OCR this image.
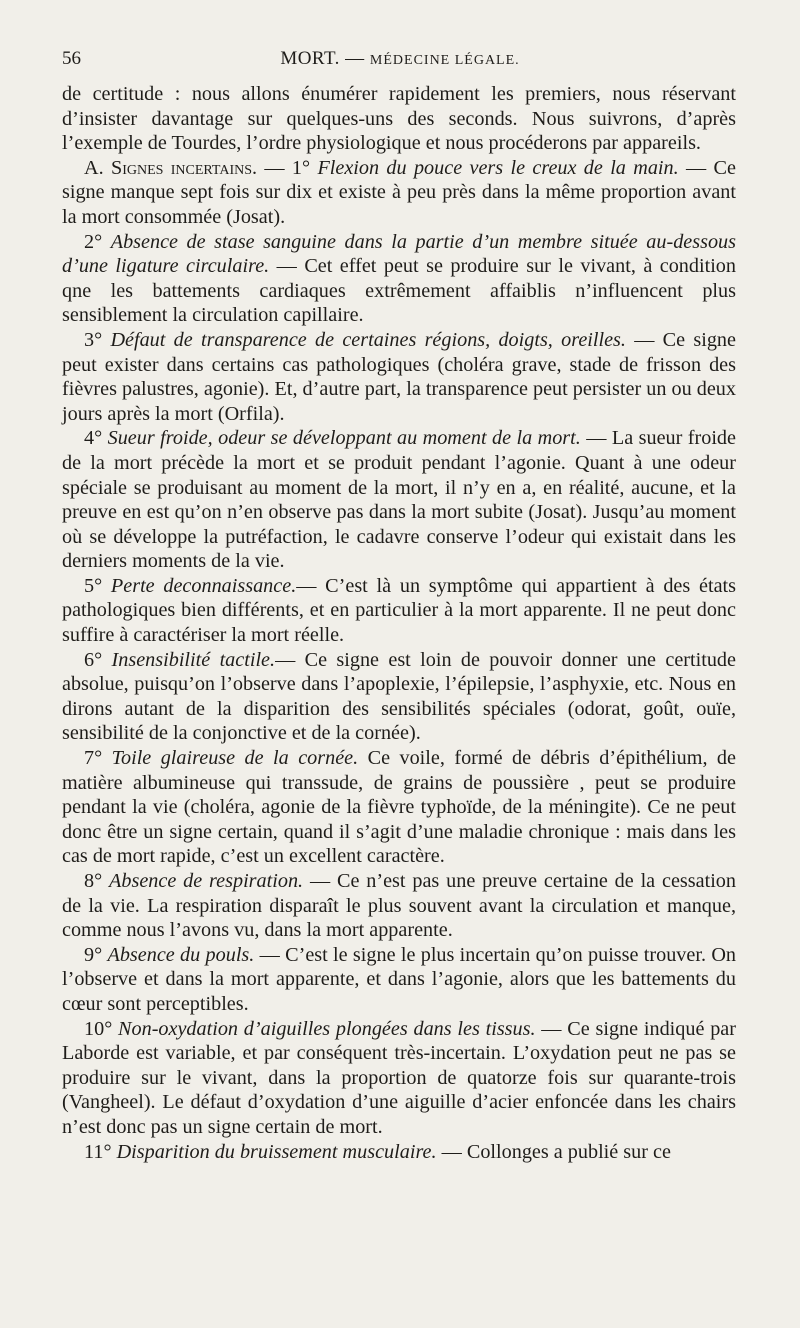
56	MORT. — MÉDECINE LÉGALE.

de certitude : nous allons énumérer rapidement les premiers, nous réservant d’insister davantage sur quelques-uns des seconds. Nous suivrons, d’après l’exemple de Tourdes, l’ordre physiologique et nous procéderons par appareils.

A. Signes incertains. — 1° Flexion du pouce vers le creux de la main. — Ce signe manque sept fois sur dix et existe à peu près dans la même proportion avant la mort consommée (Josat).

2° Absence de stase sanguine dans la partie d’un membre située au-dessous d’une ligature circulaire. — Cet effet peut se produire sur le vivant, à condition qne les battements cardiaques extrêmement affaiblis n’influencent plus sensiblement la circulation capillaire.

3° Défaut de transparence de certaines régions, doigts, oreilles. — Ce signe peut exister dans certains cas pathologiques (choléra grave, stade de frisson des fièvres palustres, agonie). Et, d’autre part, la transparence peut persister un ou deux jours après la mort (Orfila).

4° Sueur froide, odeur se développant au moment de la mort. — La sueur froide de la mort précède la mort et se produit pendant l’agonie. Quant à une odeur spéciale se produisant au moment de la mort, il n’y en a, en réalité, aucune, et la preuve en est qu’on n’en observe pas dans la mort subite (Josat). Jusqu’au moment où se développe la putréfaction, le cadavre conserve l’odeur qui existait dans les derniers moments de la vie.

5° Perte deconnaissance.— C’est là un symptôme qui appartient à des états pathologiques bien différents, et en particulier à la mort apparente. Il ne peut donc suffire à caractériser la mort réelle.

6° Insensibilité tactile.— Ce signe est loin de pouvoir donner une certitude absolue, puisqu’on l’observe dans l’apoplexie, l’épilepsie, l’asphyxie, etc. Nous en dirons autant de la disparition des sensibilités spéciales (odorat, goût, ouïe, sensibilité de la conjonctive et de la cornée).

7° Toile glaireuse de la cornée. Ce voile, formé de débris d’épithélium, de matière albumineuse qui transsude, de grains de poussière , peut se produire pendant la vie (choléra, agonie de la fièvre typhoïde, de la méningite). Ce ne peut donc être un signe certain, quand il s’agit d’une maladie chronique : mais dans les cas de mort rapide, c’est un excellent caractère.

8° Absence de respiration. — Ce n’est pas une preuve certaine de la cessation de la vie. La respiration disparaît le plus souvent avant la circulation et manque, comme nous l’avons vu, dans la mort apparente.

9° Absence du pouls. — C’est le signe le plus incertain qu’on puisse trouver. On l’observe et dans la mort apparente, et dans l’agonie, alors que les battements du cœur sont perceptibles.

10° Non-oxydation d’aiguilles plongées dans les tissus. — Ce signe indiqué par Laborde est variable, et par conséquent très-incertain. L’oxydation peut ne pas se produire sur le vivant, dans la proportion de quatorze fois sur quarante-trois (Vangheel). Le défaut d’oxydation d’une aiguille d’acier enfoncée dans les chairs n’est donc pas un signe certain de mort.

11° Disparition du bruissement musculaire. — Collonges a publié sur ce
